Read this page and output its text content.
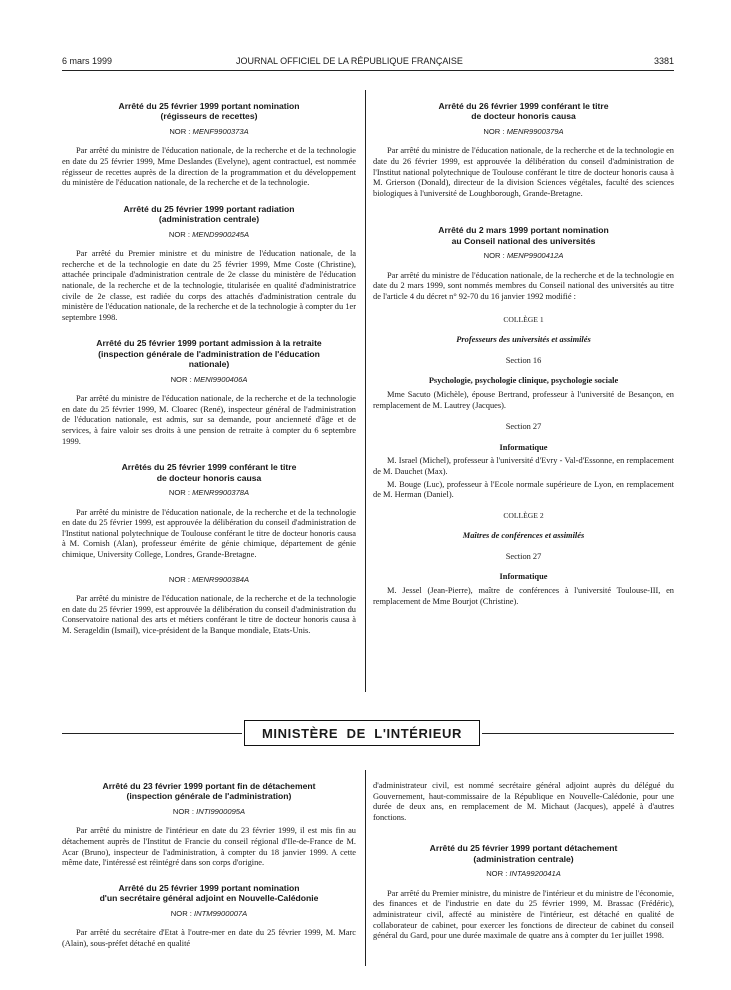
6 mars 1999	JOURNAL OFFICIEL DE LA RÉPUBLIQUE FRANÇAISE	3381

Arrêté du 25 février 1999 portant nomination
(régisseurs de recettes)

NOR : MENF9900373A

Par arrêté du ministre de l'éducation nationale, de la recherche et de la technologie en date du 25 février 1999, Mme Deslandes (Evelyne), agent contractuel, est nommée régisseur de recettes auprès de la direction de la programmation et du développement du ministère de l'éducation nationale, de la recherche et de la technologie.

Arrêté du 25 février 1999 portant radiation
(administration centrale)

NOR : MEND9900245A

Par arrêté du Premier ministre et du ministre de l'éducation nationale, de la recherche et de la technologie en date du 25 février 1999, Mme Coste (Christine), attachée principale d'administration centrale de 2e classe du ministère de l'éducation nationale, de la recherche et de la technologie, titularisée en qualité d'administratrice civile de 2e classe, est radiée du corps des attachés d'administration centrale du ministère de l'éducation nationale, de la recherche et de la technologie à compter du 1er septembre 1998.

Arrêté du 25 février 1999 portant admission à la retraite
(inspection générale de l'administration de l'éducation
nationale)

NOR : MENI9900406A

Par arrêté du ministre de l'éducation nationale, de la recherche et de la technologie en date du 25 février 1999, M. Cloarec (René), inspecteur général de l'administration de l'éducation nationale, est admis, sur sa demande, pour ancienneté d'âge et de services, à faire valoir ses droits à une pension de retraite à compter du 6 septembre 1999.

Arrêtés du 25 février 1999 conférant le titre
de docteur honoris causa

NOR : MENR9900378A

Par arrêté du ministre de l'éducation nationale, de la recherche et de la technologie en date du 25 février 1999, est approuvée la délibération du conseil d'administration de l'Institut national polytechnique de Toulouse conférant le titre de docteur honoris causa à M. Cornish (Alan), professeur émérite de génie chimique, département de génie chimique, University College, Londres, Grande-Bretagne.

NOR : MENR9900384A

Par arrêté du ministre de l'éducation nationale, de la recherche et de la technologie en date du 25 février 1999, est approuvée la délibération du conseil d'administration du Conservatoire national des arts et métiers conférant le titre de docteur honoris causa à M. Serageldin (Ismail), vice-président de la Banque mondiale, Etats-Unis.

Arrêté du 26 février 1999 conférant le titre
de docteur honoris causa

NOR : MENR9900379A

Par arrêté du ministre de l'éducation nationale, de la recherche et de la technologie en date du 26 février 1999, est approuvée la délibération du conseil d'administration de l'Institut national polytechnique de Toulouse conférant le titre de docteur honoris causa à M. Grierson (Donald), directeur de la division Sciences végétales, faculté des sciences biologiques à l'université de Loughborough, Grande-Bretagne.

Arrêté du 2 mars 1999 portant nomination
au Conseil national des universités

NOR : MENP9900412A

Par arrêté du ministre de l'éducation nationale, de la recherche et de la technologie en date du 2 mars 1999, sont nommés membres du Conseil national des universités au titre de l'article 4 du décret n° 92-70 du 16 janvier 1992 modifié :

COLLÈGE 1

Professeurs des universités et assimilés

Section 16

Psychologie, psychologie clinique, psychologie sociale

Mme Sacuto (Michèle), épouse Bertrand, professeur à l'université de Besançon, en remplacement de M. Lautrey (Jacques).

Section 27

Informatique

M. Israel (Michel), professeur à l'université d'Evry - Val-d'Essonne, en remplacement de M. Dauchet (Max).

M. Bouge (Luc), professeur à l'Ecole normale supérieure de Lyon, en remplacement de M. Herman (Daniel).

COLLÈGE 2

Maîtres de conférences et assimilés

Section 27

Informatique

M. Jessel (Jean-Pierre), maître de conférences à l'université Toulouse-III, en remplacement de Mme Bourjot (Christine).

MINISTÈRE  DE  L'INTÉRIEUR

Arrêté du 23 février 1999 portant fin de détachement
(inspection générale de l'administration)

NOR : INTI9900095A

Par arrêté du ministre de l'intérieur en date du 23 février 1999, il est mis fin au détachement auprès de l'Institut de Francie du conseil régional d'Ile-de-France de M. Acar (Bruno), inspecteur de l'administration, à compter du 18 janvier 1999. A cette même date, l'intéressé est réintégré dans son corps d'origine.

Arrêté du 25 février 1999 portant nomination
d'un secrétaire général adjoint en Nouvelle-Calédonie

NOR : INTM9900007A

Par arrêté du secrétaire d'Etat à l'outre-mer en date du 25 février 1999, M. Marc (Alain), sous-préfet détaché en qualité

d'administrateur civil, est nommé secrétaire général adjoint auprès du délégué du Gouvernement, haut-commissaire de la République en Nouvelle-Calédonie, pour une durée de deux ans, en remplacement de M. Michaut (Jacques), appelé à d'autres fonctions.

Arrêté du 25 février 1999 portant détachement
(administration centrale)

NOR : INTA9920041A

Par arrêté du Premier ministre, du ministre de l'intérieur et du ministre de l'économie, des finances et de l'industrie en date du 25 février 1999, M. Brassac (Frédéric), administrateur civil, affecté au ministère de l'intérieur, est détaché en qualité de collaborateur de cabinet, pour exercer les fonctions de directeur de cabinet du conseil général du Gard, pour une durée maximale de quatre ans à compter du 1er juillet 1998.
